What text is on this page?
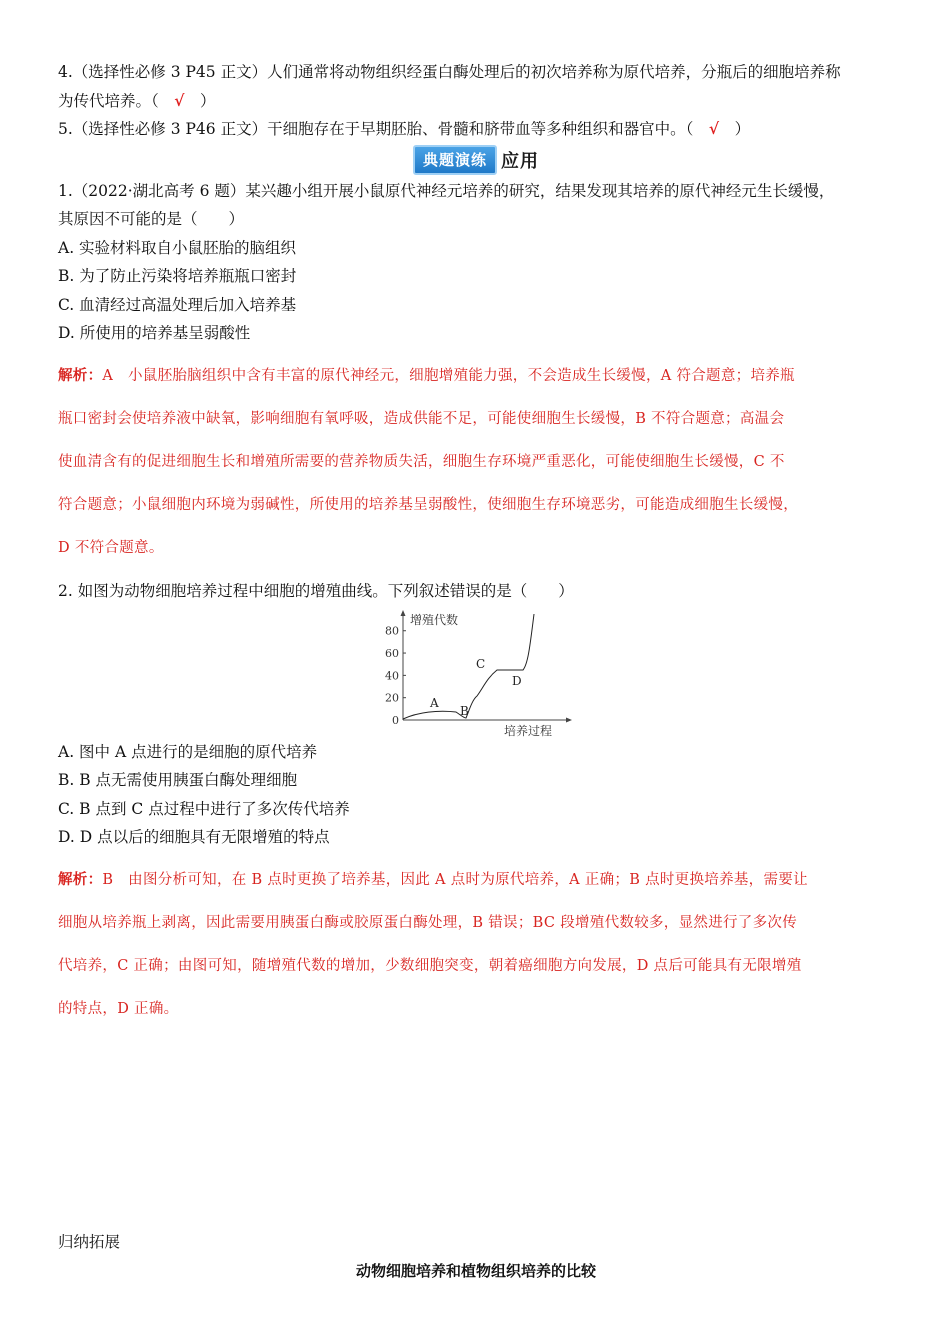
4.（选择性必修 3 P45 正文）人们通常将动物组织经蛋白酶处理后的初次培养称为原代培养，分瓶后的细胞培养称

为传代培养。（　 √　 ）

5.（选择性必修 3 P46 正文）干细胞存在于早期胚胎、骨髓和脐带血等多种组织和器官中。（　 √　 ）

典题演练 应用

1.（2022·湖北高考 6 题）某兴趣小组开展小鼠原代神经元培养的研究，结果发现其培养的原代神经元生长缓慢，

其原因不可能的是（　　）

A. 实验材料取自小鼠胚胎的脑组织

B. 为了防止污染将培养瓶瓶口密封

C. 血清经过高温处理后加入培养基

D. 所使用的培养基呈弱酸性

解析：A　小鼠胚胎脑组织中含有丰富的原代神经元，细胞增殖能力强，不会造成生长缓慢，A 符合题意；培养瓶

瓶口密封会使培养液中缺氧，影响细胞有氧呼吸，造成供能不足，可能使细胞生长缓慢，B 不符合题意；高温会

使血清含有的促进细胞生长和增殖所需要的营养物质失活，细胞生存环境严重恶化，可能使细胞生长缓慢，C 不

符合题意；小鼠细胞内环境为弱碱性，所使用的培养基呈弱酸性，使细胞生存环境恶劣，可能造成细胞生长缓慢，

D 不符合题意。

2. 如图为动物细胞培养过程中细胞的增殖曲线。下列叙述错误的是（　　）

0
20
40
60
80
增殖代数
培养过程
A
B
C
D

A. 图中 A 点进行的是细胞的原代培养

B. B 点无需使用胰蛋白酶处理细胞

C. B 点到 C 点过程中进行了多次传代培养

D. D 点以后的细胞具有无限增殖的特点

解析：B　由图分析可知，在 B 点时更换了培养基，因此 A 点时为原代培养，A 正确；B 点时更换培养基，需要让

细胞从培养瓶上剥离，因此需要用胰蛋白酶或胶原蛋白酶处理，B 错误；BC 段增殖代数较多，显然进行了多次传

代培养，C 正确；由图可知，随增殖代数的增加，少数细胞突变，朝着癌细胞方向发展，D 点后可能具有无限增殖

的特点，D 正确。

归纳拓展

动物细胞培养和植物组织培养的比较
